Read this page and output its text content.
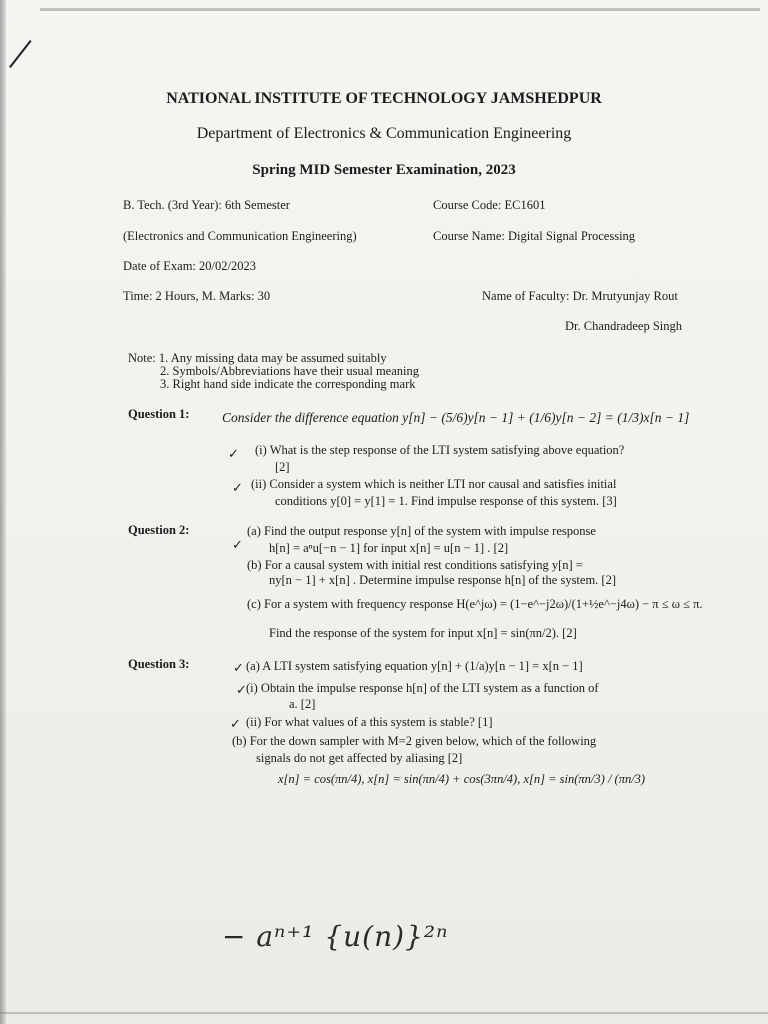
NATIONAL INSTITUTE OF TECHNOLOGY JAMSHEDPUR
Department of Electronics & Communication Engineering
Spring MID Semester Examination, 2023
B. Tech. (3rd Year): 6th Semester	Course Code: EC1601
(Electronics and Communication Engineering)	Course Name: Digital Signal Processing
Date of Exam: 20/02/2023
Time: 2 Hours, M. Marks: 30	Name of Faculty: Dr. Mrutyunjay Rout
Dr. Chandradeep Singh
Note: 1. Any missing data may be assumed suitably
2. Symbols/Abbreviations have their usual meaning
3. Right hand side indicate the corresponding mark
Question 1: Consider the difference equation y[n] − (5/6)y[n − 1] + (1/6)y[n − 2] = (1/3)x[n − 1]
✓ (i) What is the step response of the LTI system satisfying above equation?
[2]
✓ (ii) Consider a system which is neither LTI nor causal and satisfies initial
conditions y[0] = y[1] = 1. Find impulse response of this system. [3]
Question 2:
✓
(a) Find the output response y[n] of the system with impulse response
h[n] = aⁿu[−n − 1] for input x[n] = u[n − 1] . [2]
(b) For a causal system with initial rest conditions satisfying y[n] =
ny[n − 1] + x[n] . Determine impulse response h[n] of the system. [2]
(c) For a system with frequency response H(e^jω) = (1−e^−j2ω)/(1+½e^−j4ω) − π ≤ ω ≤ π.
Find the response of the system for input x[n] = sin(πn/2). [2]
Question 3:	✓ (a) A LTI system satisfying equation y[n] + (1/a)y[n − 1] = x[n − 1]
✓ (i) Obtain the impulse response h[n] of the LTI system as a function of
a. [2]
✓ (ii) For what values of a this system is stable? [1]
(b) For the down sampler with M=2 given below, which of the following
signals do not get affected by aliasing [2]
x[n] = cos(πn/4), x[n] = sin(πn/4) + cos(3πn/4), x[n] = sin(πn/3) / (πn/3)
− aⁿ⁺¹ {u(n)}²ⁿ
